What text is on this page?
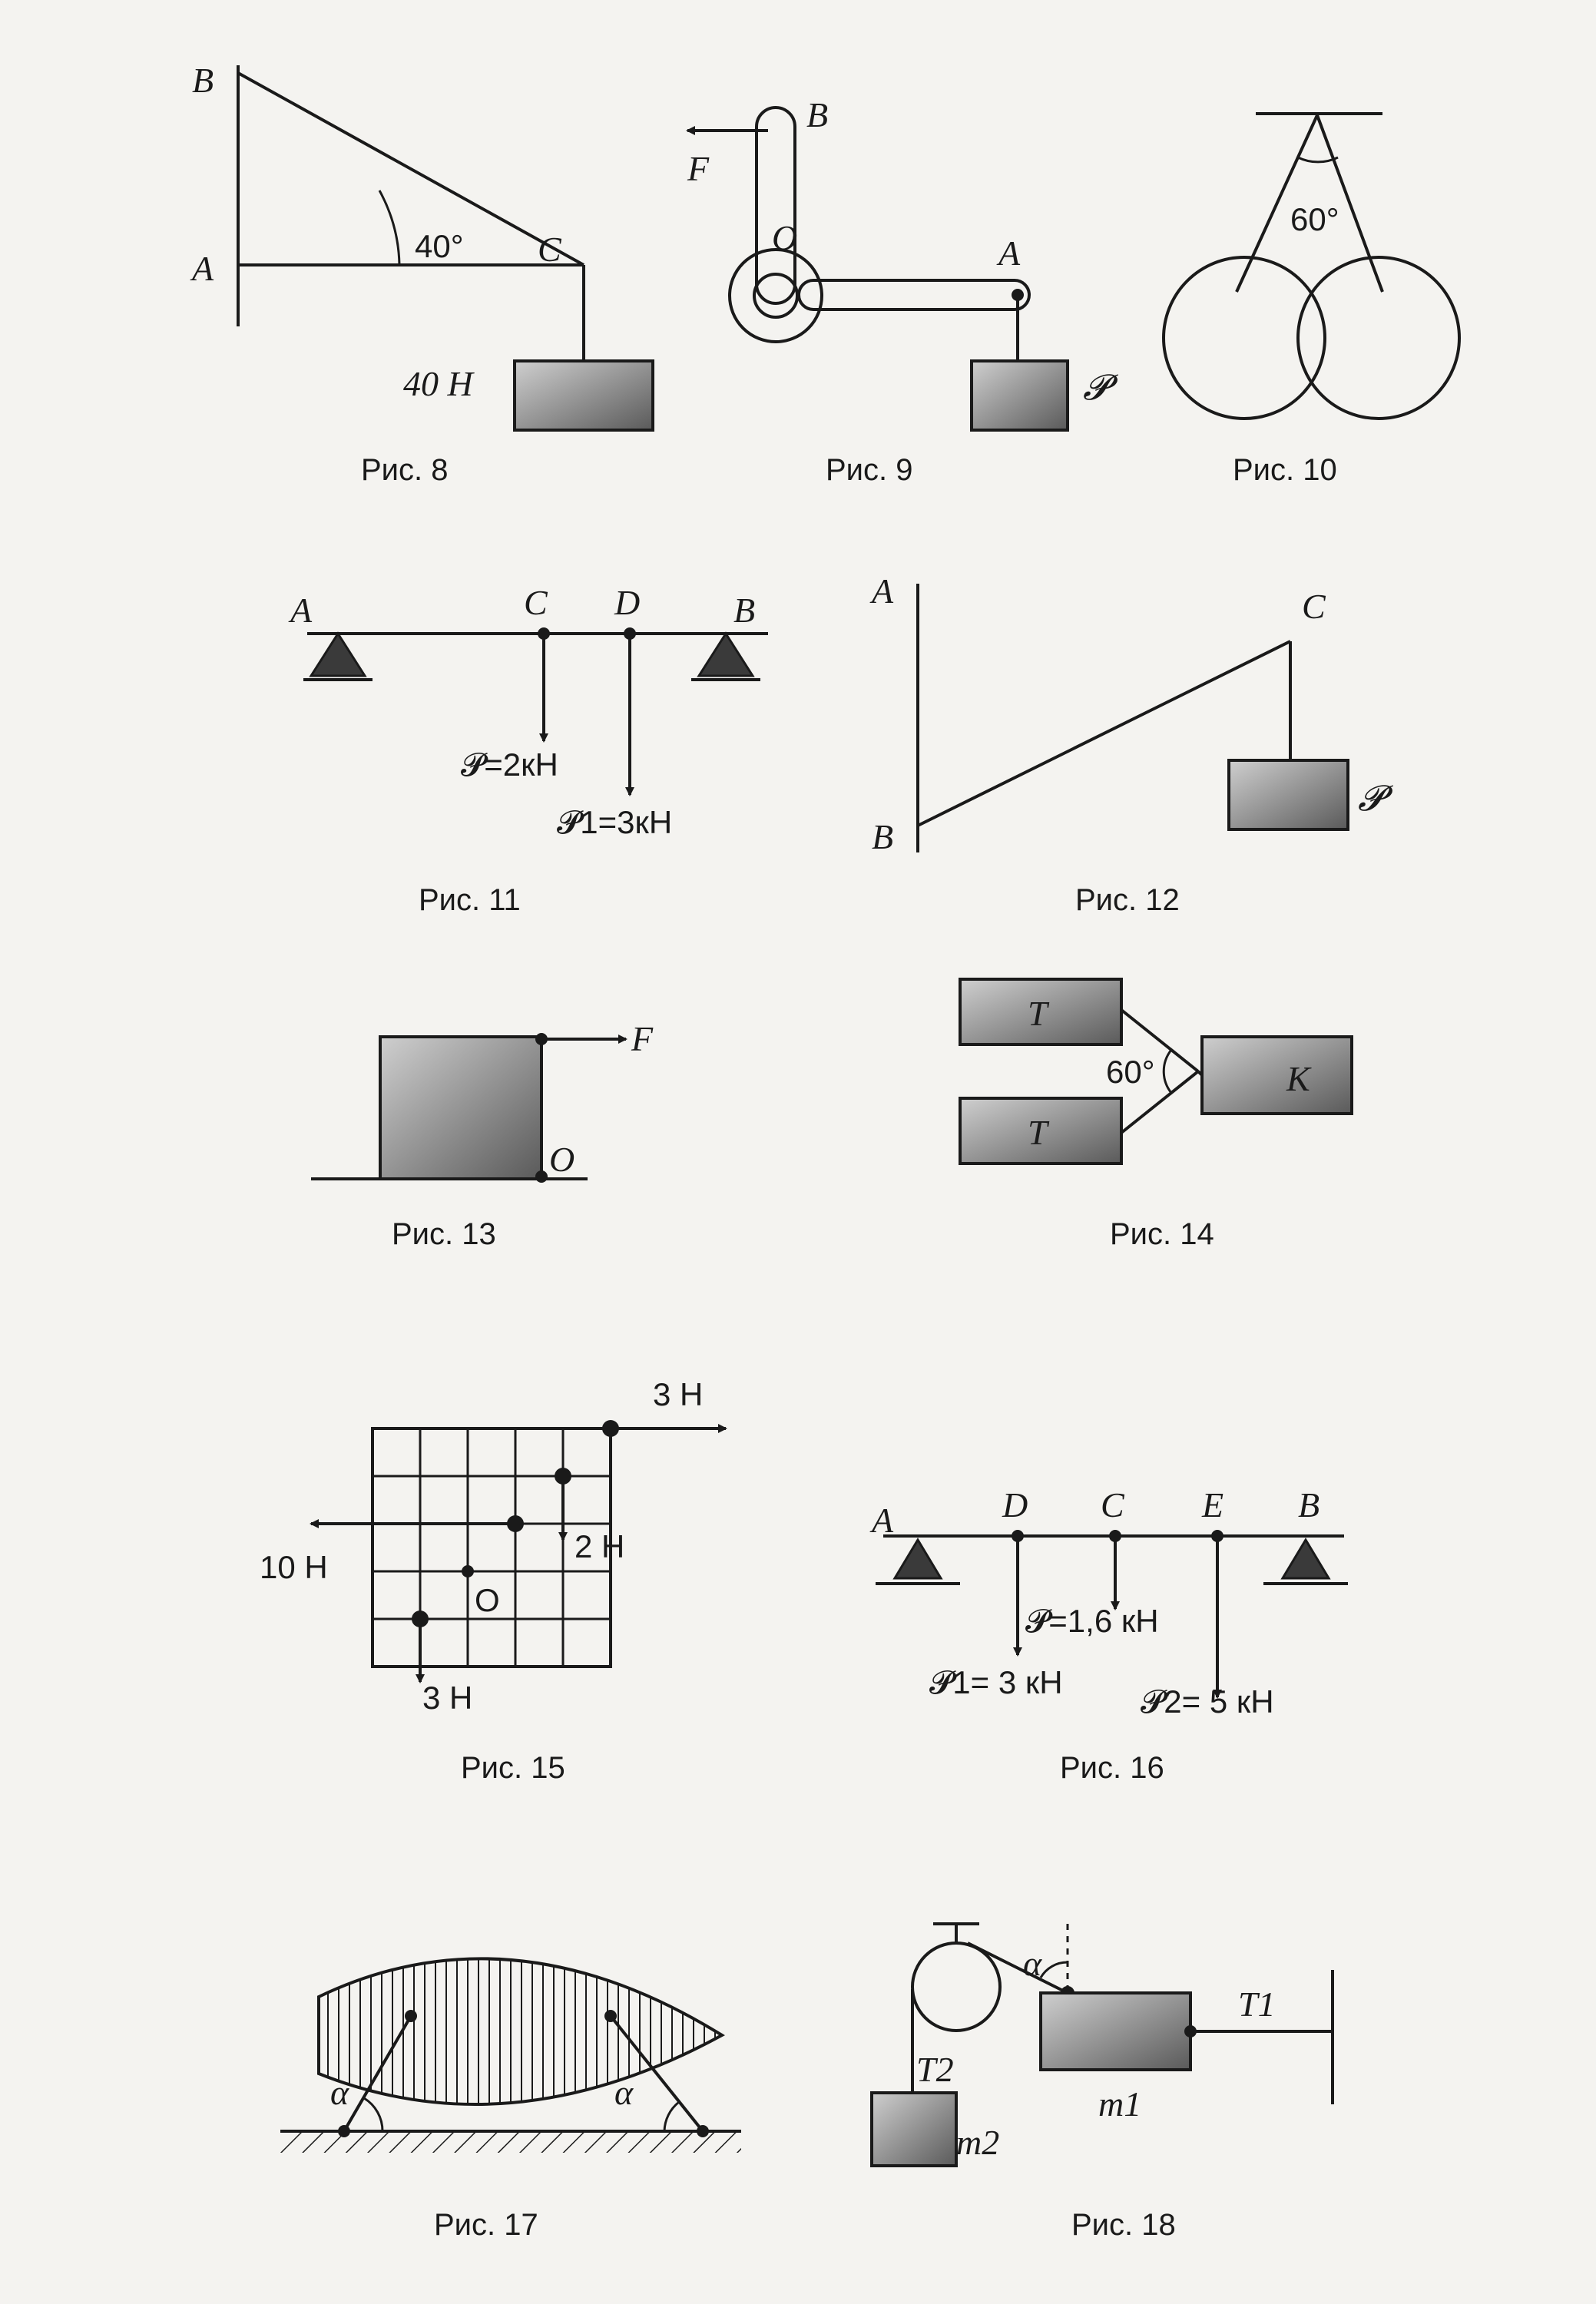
B
A	C
40°
40 H
Рис. 8
B
F
O	A
𝓟
Рис. 9
60°
Рис. 10
A	C D	B
𝓟=2кН
𝓟1=3кН
Рис. 11
A	C
B
𝓟
Рис. 12
F
O
Рис. 13
T
T
K
60°
Рис. 14
3 H
10 H
2 H
3 H
O
Рис. 15
A	D C E B
𝓟=1,6 кН
𝓟1= 3 кН
𝓟2= 5 кН
Рис. 16
α	α
Рис. 17
α
T2
T1
m1
m2
Рис. 18
